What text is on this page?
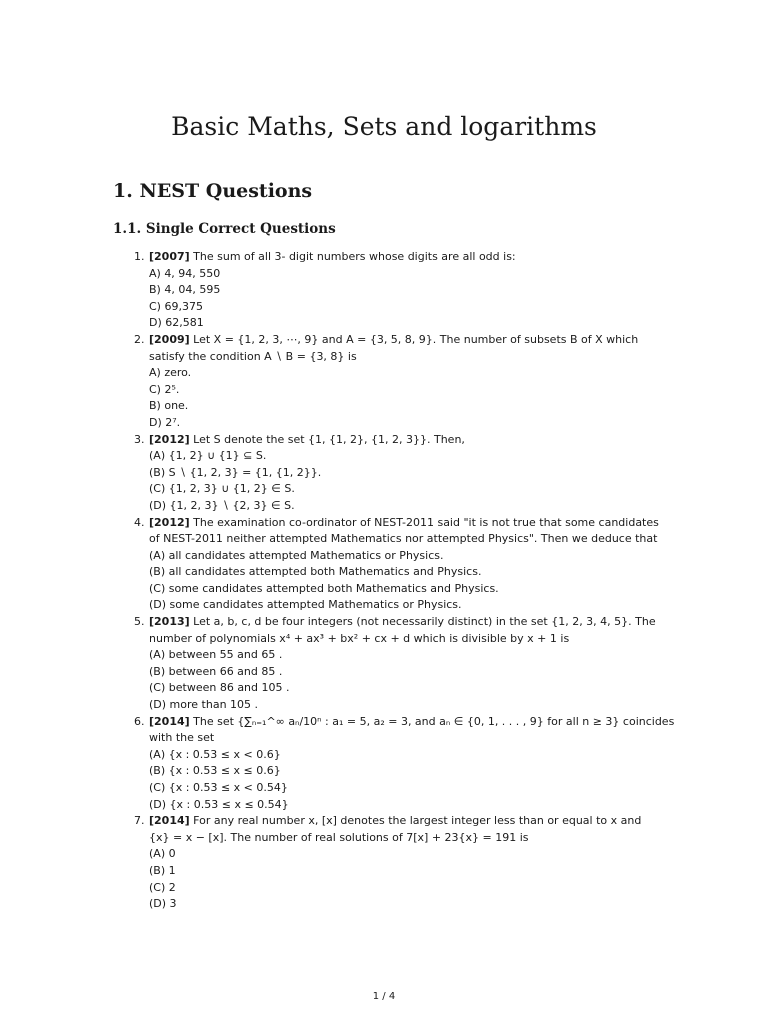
Basic Maths, Sets and logarithms
1. NEST Questions
1.1. Single Correct Questions
1. [2007] The sum of all 3- digit numbers whose digits are all odd is:
A) 4, 94, 550
B) 4, 04, 595
C) 69,375
D) 62,581
2. [2009] Let X = {1, 2, 3, ⋯, 9} and A = {3, 5, 8, 9}. The number of subsets B of X which
satisfy the condition A ∖ B = {3, 8} is
A) zero.
C) 2⁵.
B) one.
D) 2⁷.
3. [2012] Let S denote the set {1, {1, 2}, {1, 2, 3}}. Then,
(A) {1, 2} ∪ {1} ⊆ S.
(B) S ∖ {1, 2, 3} = {1, {1, 2}}.
(C) {1, 2, 3} ∪ {1, 2} ∈ S.
(D) {1, 2, 3} ∖ {2, 3} ∈ S.
4. [2012] The examination co-ordinator of NEST-2011 said "it is not true that some candidates
of NEST-2011 neither attempted Mathematics nor attempted Physics". Then we deduce that
(A) all candidates attempted Mathematics or Physics.
(B) all candidates attempted both Mathematics and Physics.
(C) some candidates attempted both Mathematics and Physics.
(D) some candidates attempted Mathematics or Physics.
5. [2013] Let a, b, c, d be four integers (not necessarily distinct) in the set {1, 2, 3, 4, 5}. The
number of polynomials x⁴ + ax³ + bx² + cx + d which is divisible by x + 1 is
(A) between 55 and 65 .
(B) between 66 and 85 .
(C) between 86 and 105 .
(D) more than 105 .
6. [2014] The set {∑ₙ₌₁^∞ aₙ/10ⁿ : a₁ = 5, a₂ = 3, and aₙ ∈ {0, 1, . . . , 9} for all n ≥ 3} coincides
with the set
(A) {x : 0.53 ≤ x < 0.6}
(B) {x : 0.53 ≤ x ≤ 0.6}
(C) {x : 0.53 ≤ x < 0.54}
(D) {x : 0.53 ≤ x ≤ 0.54}
7. [2014] For any real number x, [x] denotes the largest integer less than or equal to x and
{x} = x − [x]. The number of real solutions of 7[x] + 23{x} = 191 is
(A) 0
(B) 1
(C) 2
(D) 3
1 / 4
